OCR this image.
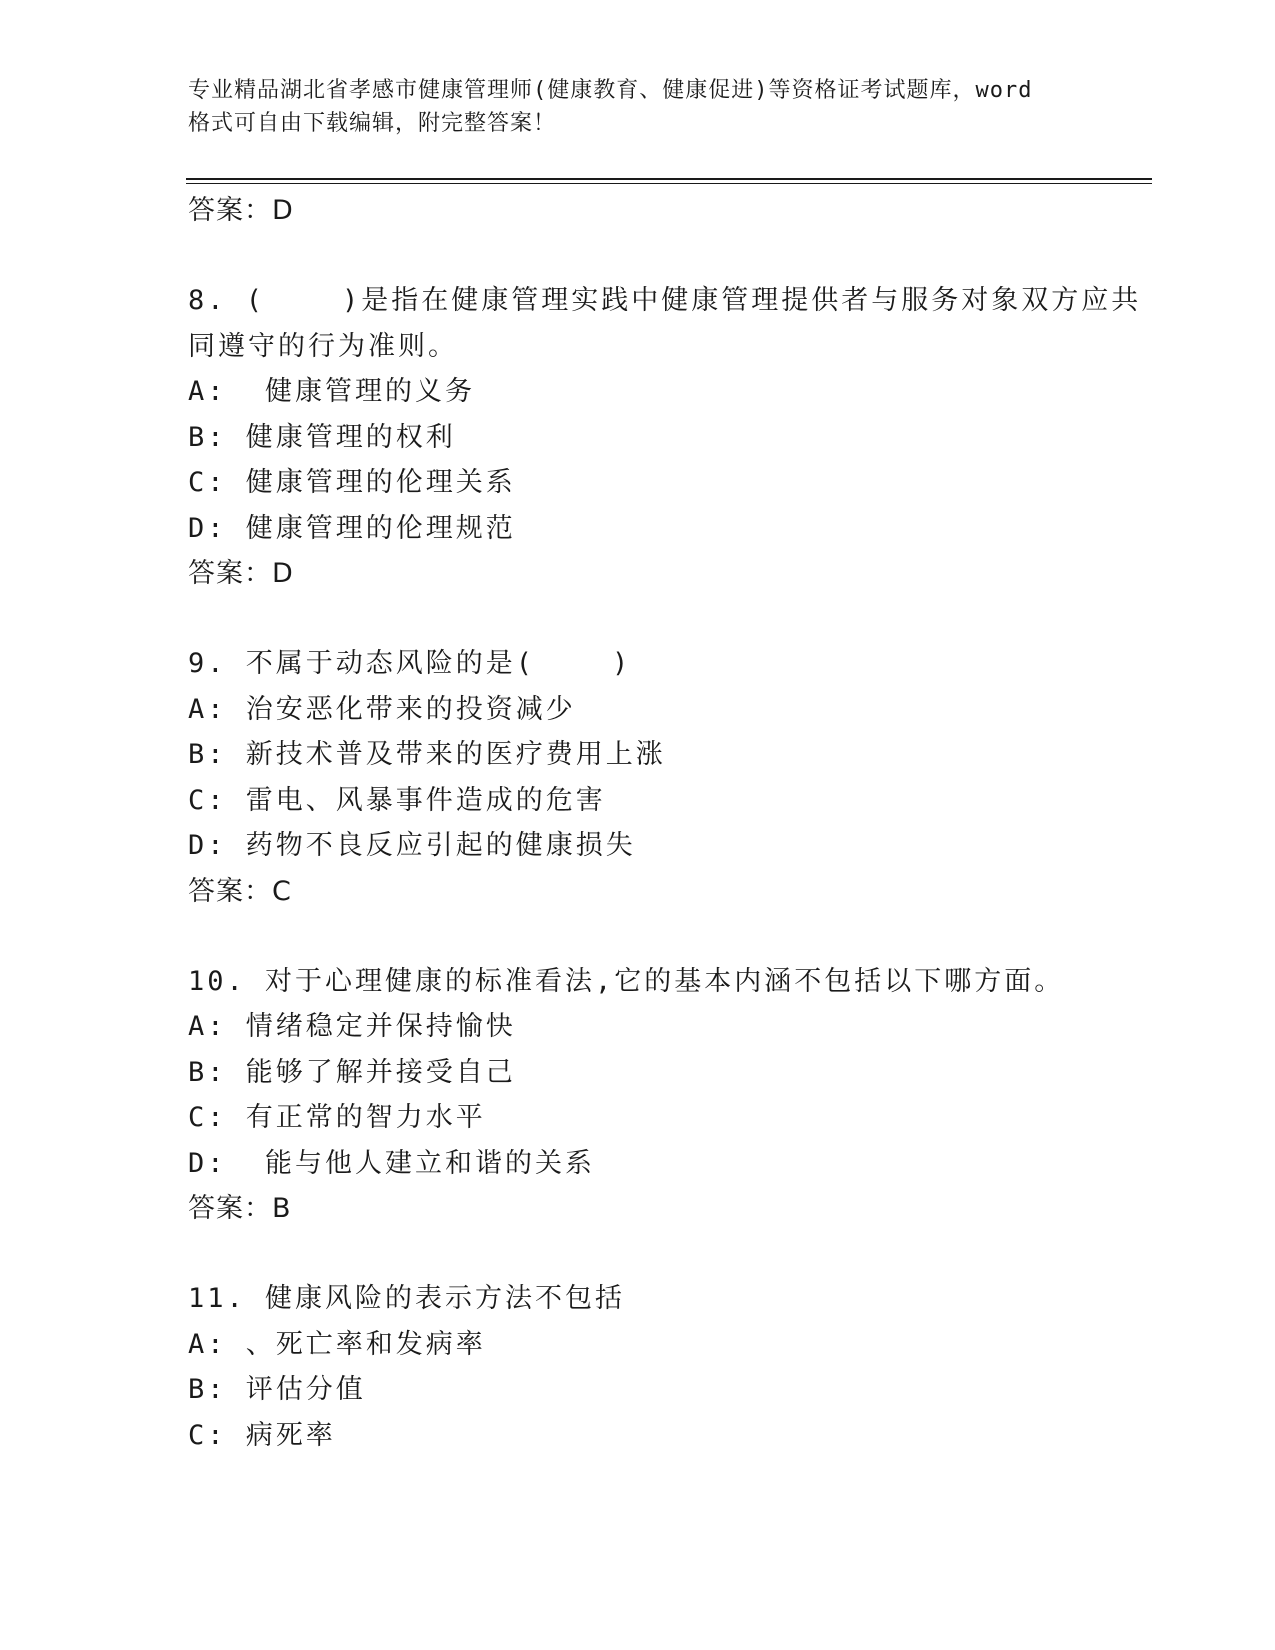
专业精品湖北省孝感市健康管理师(健康教育、健康促进)等资格证考试题库，word
格式可自由下载编辑，附完整答案！
答案：D
8. (    )是指在健康管理实践中健康管理提供者与服务对象双方应共
同遵守的行为准则。
A:  健康管理的义务
B: 健康管理的权利
C: 健康管理的伦理关系
D: 健康管理的伦理规范
答案：D
9. 不属于动态风险的是(    )
A: 治安恶化带来的投资减少
B: 新技术普及带来的医疗费用上涨
C: 雷电、风暴事件造成的危害
D: 药物不良反应引起的健康损失
答案：C
10. 对于心理健康的标准看法,它的基本内涵不包括以下哪方面。
A: 情绪稳定并保持愉快
B: 能够了解并接受自己
C: 有正常的智力水平
D:  能与他人建立和谐的关系
答案：B
11. 健康风险的表示方法不包括
A: 、死亡率和发病率
B: 评估分值
C: 病死率
